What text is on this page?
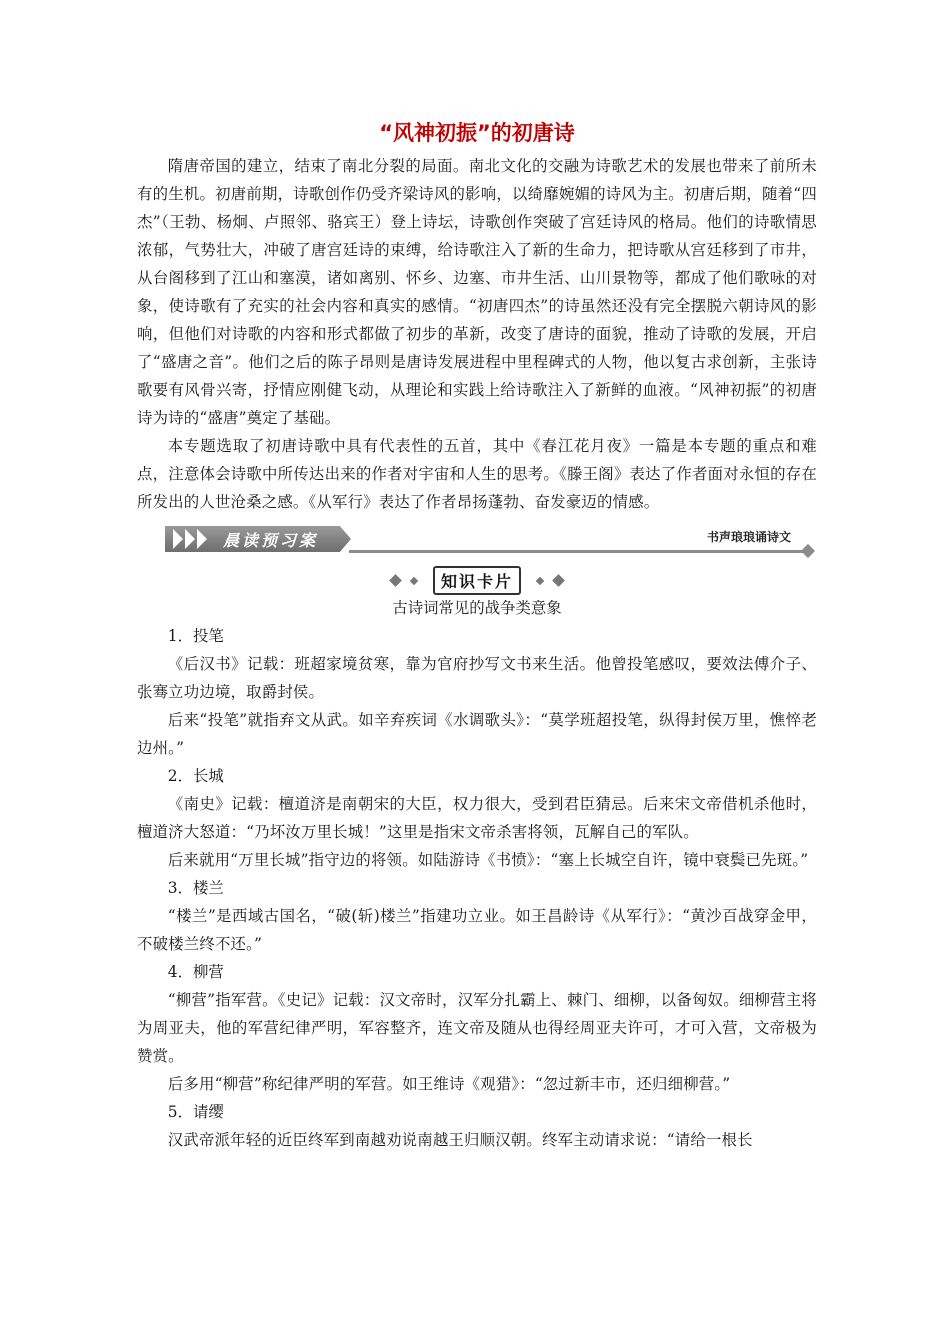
“风神初振”的初唐诗

隋唐帝国的建立，结束了南北分裂的局面。南北文化的交融为诗歌艺术的发展也带来了前所未有的生机。初唐前期，诗歌创作仍受齐梁诗风的影响，以绮靡婉媚的诗风为主。初唐后期，随着“四杰”（王勃、杨炯、卢照邻、骆宾王）登上诗坛，诗歌创作突破了宫廷诗风的格局。他们的诗歌情思浓郁，气势壮大，冲破了唐宫廷诗的束缚，给诗歌注入了新的生命力，把诗歌从宫廷移到了市井，从台阁移到了江山和塞漠，诸如离别、怀乡、边塞、市井生活、山川景物等，都成了他们歌咏的对象，使诗歌有了充实的社会内容和真实的感情。“初唐四杰”的诗虽然还没有完全摆脱六朝诗风的影响，但他们对诗歌的内容和形式都做了初步的革新，改变了唐诗的面貌，推动了诗歌的发展，开启了“盛唐之音”。他们之后的陈子昂则是唐诗发展进程中里程碑式的人物，他以复古求创新，主张诗歌要有风骨兴寄，抒情应刚健飞动，从理论和实践上给诗歌注入了新鲜的血液。“风神初振”的初唐诗为诗的“盛唐”奠定了基础。

本专题选取了初唐诗歌中具有代表性的五首，其中《春江花月夜》一篇是本专题的重点和难点，注意体会诗歌中所传达出来的作者对宇宙和人生的思考。《滕王阁》表达了作者面对永恒的存在所发出的人世沧桑之感。《从军行》表达了作者昂扬蓬勃、奋发豪迈的情感。

晨读预习案	书声琅琅诵诗文
知识卡片

古诗词常见的战争类意象

1．投笔

《后汉书》记载：班超家境贫寒，靠为官府抄写文书来生活。他曾投笔感叹，要效法傅介子、张骞立功边境，取爵封侯。

后来“投笔”就指弃文从武。如辛弃疾词《水调歌头》：“莫学班超投笔，纵得封侯万里，憔悴老边州。”

2．长城

《南史》记载：檀道济是南朝宋的大臣，权力很大，受到君臣猜忌。后来宋文帝借机杀他时，檀道济大怒道：“乃坏汝万里长城！”这里是指宋文帝杀害将领，瓦解自己的军队。

后来就用“万里长城”指守边的将领。如陆游诗《书愤》：“塞上长城空自许，镜中衰鬓已先斑。”

3．楼兰

“楼兰”是西域古国名，“破(斩)楼兰”指建功立业。如王昌龄诗《从军行》：“黄沙百战穿金甲，不破楼兰终不还。”

4．柳营

“柳营”指军营。《史记》记载：汉文帝时，汉军分扎霸上、棘门、细柳，以备匈奴。细柳营主将为周亚夫，他的军营纪律严明，军容整齐，连文帝及随从也得经周亚夫许可，才可入营，文帝极为赞赏。

后多用“柳营”称纪律严明的军营。如王维诗《观猎》：“忽过新丰市，还归细柳营。”

5．请缨

汉武帝派年轻的近臣终军到南越劝说南越王归顺汉朝。终军主动请求说：“请给一根长
